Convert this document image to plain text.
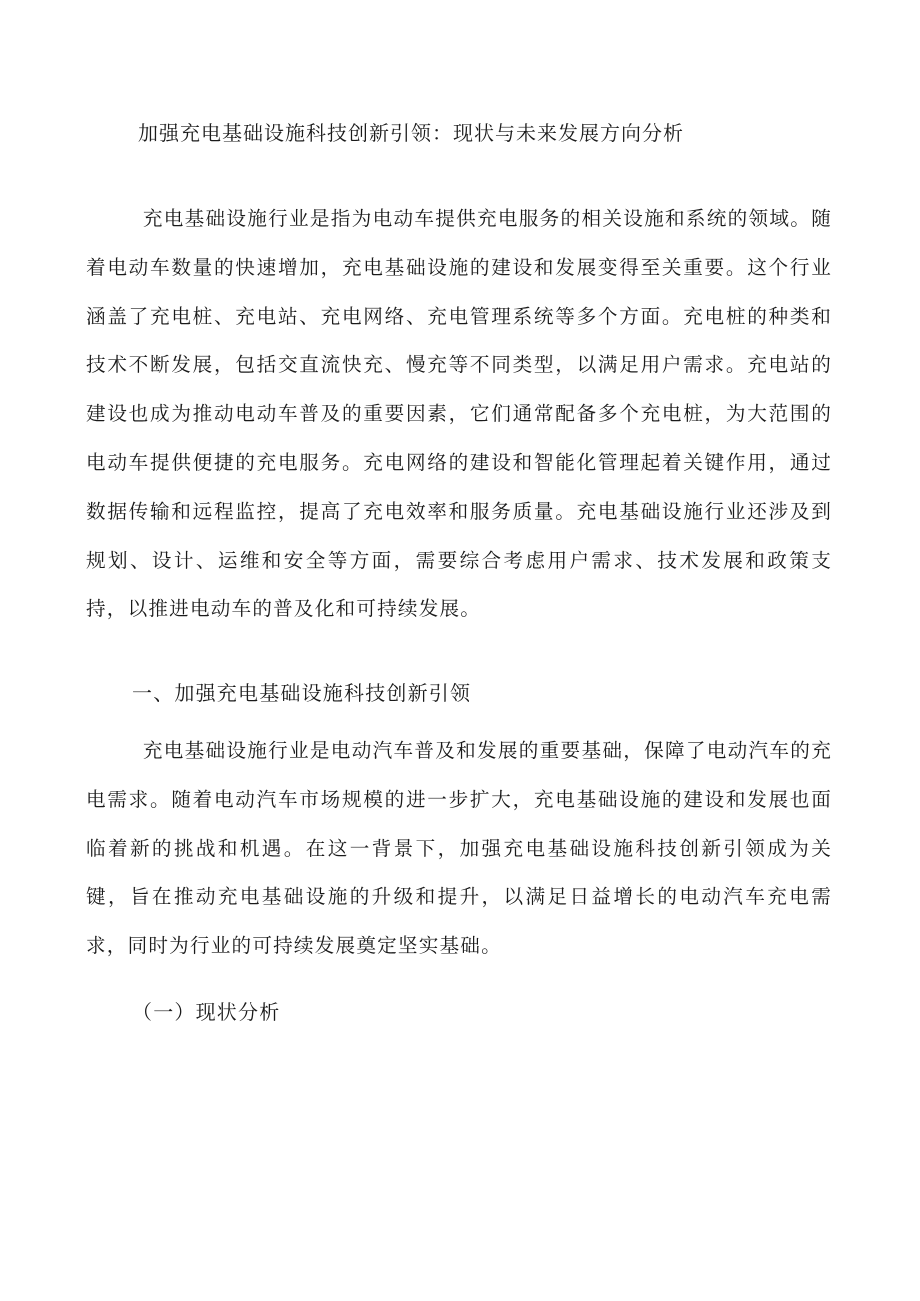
加强充电基础设施科技创新引领：现状与未来发展方向分析

充电基础设施行业是指为电动车提供充电服务的相关设施和系统的领域。随着电动车数量的快速增加，充电基础设施的建设和发展变得至关重要。这个行业涵盖了充电桩、充电站、充电网络、充电管理系统等多个方面。充电桩的种类和技术不断发展，包括交直流快充、慢充等不同类型，以满足用户需求。充电站的建设也成为推动电动车普及的重要因素，它们通常配备多个充电桩，为大范围的电动车提供便捷的充电服务。充电网络的建设和智能化管理起着关键作用，通过数据传输和远程监控，提高了充电效率和服务质量。充电基础设施行业还涉及到规划、设计、运维和安全等方面，需要综合考虑用户需求、技术发展和政策支持，以推进电动车的普及化和可持续发展。

一、加强充电基础设施科技创新引领

充电基础设施行业是电动汽车普及和发展的重要基础，保障了电动汽车的充电需求。随着电动汽车市场规模的进一步扩大，充电基础设施的建设和发展也面临着新的挑战和机遇。在这一背景下，加强充电基础设施科技创新引领成为关键，旨在推动充电基础设施的升级和提升，以满足日益增长的电动汽车充电需求，同时为行业的可持续发展奠定坚实基础。

（一）现状分析
